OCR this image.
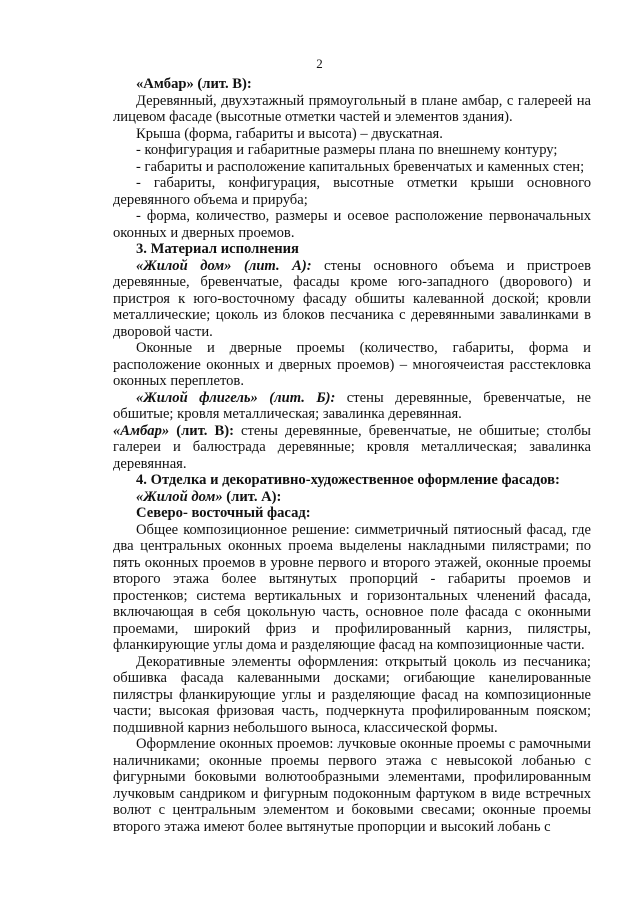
2

«Амбар» (лит. В):

Деревянный, двухэтажный прямоугольный в плане амбар, с галереей на лицевом фасаде (высотные отметки частей и элементов здания).

Крыша (форма, габариты и высота) – двускатная.

- конфигурация и габаритные размеры плана по внешнему контуру;

- габариты и расположение капитальных бревенчатых и каменных стен;

- габариты, конфигурация, высотные отметки крыши основного деревянного объема и прируба;

- форма, количество, размеры и осевое расположение первоначальных оконных и дверных проемов.

3. Материал исполнения

«Жилой дом» (лит. А): стены основного объема и пристроев деревянные, бревенчатые, фасады кроме юго-западного (дворового) и пристроя к юго-восточному фасаду обшиты калеванной доской; кровли металлические; цоколь из блоков песчаника с деревянными завалинками в дворовой части.

Оконные и дверные проемы (количество, габариты, форма и расположение оконных и дверных проемов) – многоячеистая расстекловка оконных переплетов.

«Жилой флигель» (лит. Б): стены деревянные, бревенчатые, не обшитые; кровля металлическая; завалинка деревянная.

«Амбар» (лит. В): стены деревянные, бревенчатые, не обшитые; столбы галереи и балюстрада деревянные; кровля металлическая; завалинка деревянная.

4. Отделка и декоративно-художественное оформление фасадов:

«Жилой дом» (лит. А):

Северо- восточный фасад:

Общее композиционное решение: симметричный пятиосный фасад, где два центральных оконных проема выделены накладными пилястрами; по пять оконных проемов в уровне первого и второго этажей, оконные проемы второго этажа более вытянутых пропорций - габариты проемов и простенков; система вертикальных и горизонтальных членений фасада, включающая в себя цокольную часть, основное поле фасада с оконными проемами, широкий фриз и профилированный карниз, пилястры, фланкирующие углы дома и разделяющие фасад на композиционные части.

Декоративные элементы оформления: открытый цоколь из песчаника; обшивка фасада калеванными досками; огибающие канелированные пилястры фланкирующие углы и разделяющие фасад на композиционные части; высокая фризовая часть, подчеркнута профилированным пояском; подшивной карниз небольшого выноса, классической формы.

Оформление оконных проемов: лучковые оконные проемы с рамочными наличниками; оконные проемы первого этажа с невысокой лобанью с фигурными боковыми волютообразными элементами, профилированным лучковым сандриком и фигурным подоконным фартуком в виде встречных волют с центральным элементом и боковыми свесами; оконные проемы второго этажа имеют более вытянутые пропорции и высокий лобань с
